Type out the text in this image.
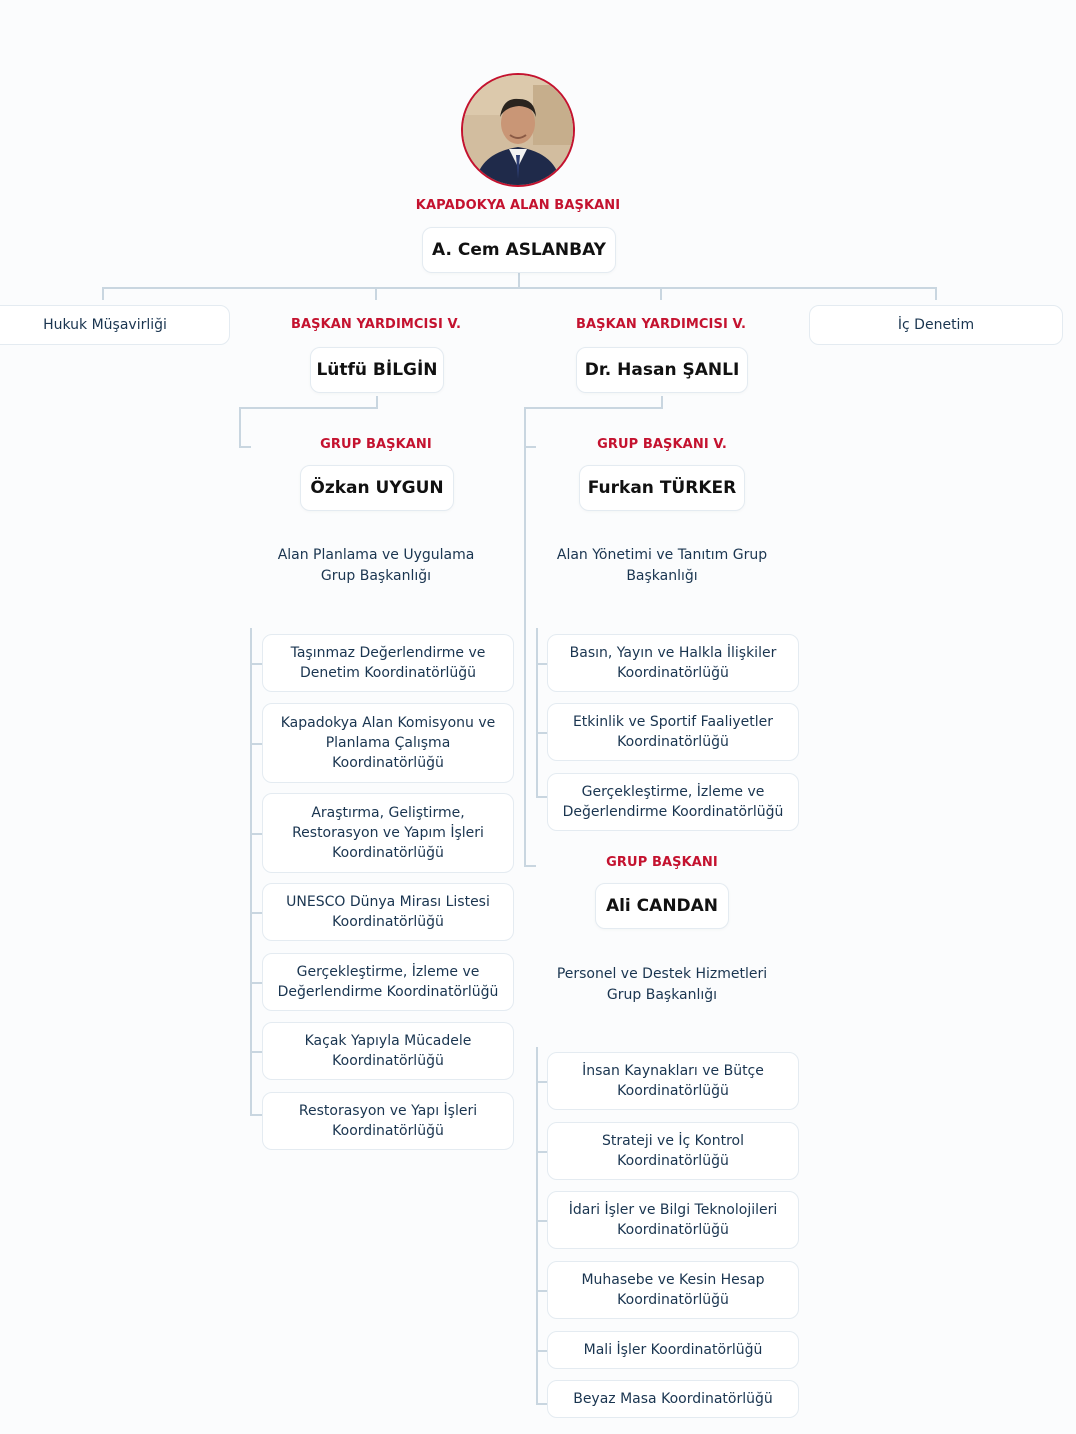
KAPADOKYA ALAN BAŞKANI
A. Cem ASLANBAY
Hukuk Müşavirliği	İç Denetim
BAŞKAN YARDIMCISI V.
Lütfü BİLGİN
BAŞKAN YARDIMCISI V.
Dr. Hasan ŞANLI
GRUP BAŞKANI
Özkan UYGUN
Alan Planlama ve Uygulama
Grup Başkanlığı
GRUP BAŞKANI V.
Furkan TÜRKER
Alan Yönetimi ve Tanıtım Grup
Başkanlığı
GRUP BAŞKANI
Ali CANDAN
Personel ve Destek Hizmetleri
Grup Başkanlığı
Taşınmaz Değerlendirme ve
Denetim Koordinatörlüğü
Kapadokya Alan Komisyonu ve
Planlama Çalışma
Koordinatörlüğü
Araştırma, Geliştirme,
Restorasyon ve Yapım İşleri
Koordinatörlüğü
UNESCO Dünya Mirası Listesi
Koordinatörlüğü
Gerçekleştirme, İzleme ve
Değerlendirme Koordinatörlüğü
Kaçak Yapıyla Mücadele
Koordinatörlüğü
Restorasyon ve Yapı İşleri
Koordinatörlüğü
Basın, Yayın ve Halkla İlişkiler
Koordinatörlüğü
Etkinlik ve Sportif Faaliyetler
Koordinatörlüğü
Gerçekleştirme, İzleme ve
Değerlendirme Koordinatörlüğü
İnsan Kaynakları ve Bütçe
Koordinatörlüğü
Strateji ve İç Kontrol
Koordinatörlüğü
İdari İşler ve Bilgi Teknolojileri
Koordinatörlüğü
Muhasebe ve Kesin Hesap
Koordinatörlüğü
Mali İşler Koordinatörlüğü
Beyaz Masa Koordinatörlüğü
